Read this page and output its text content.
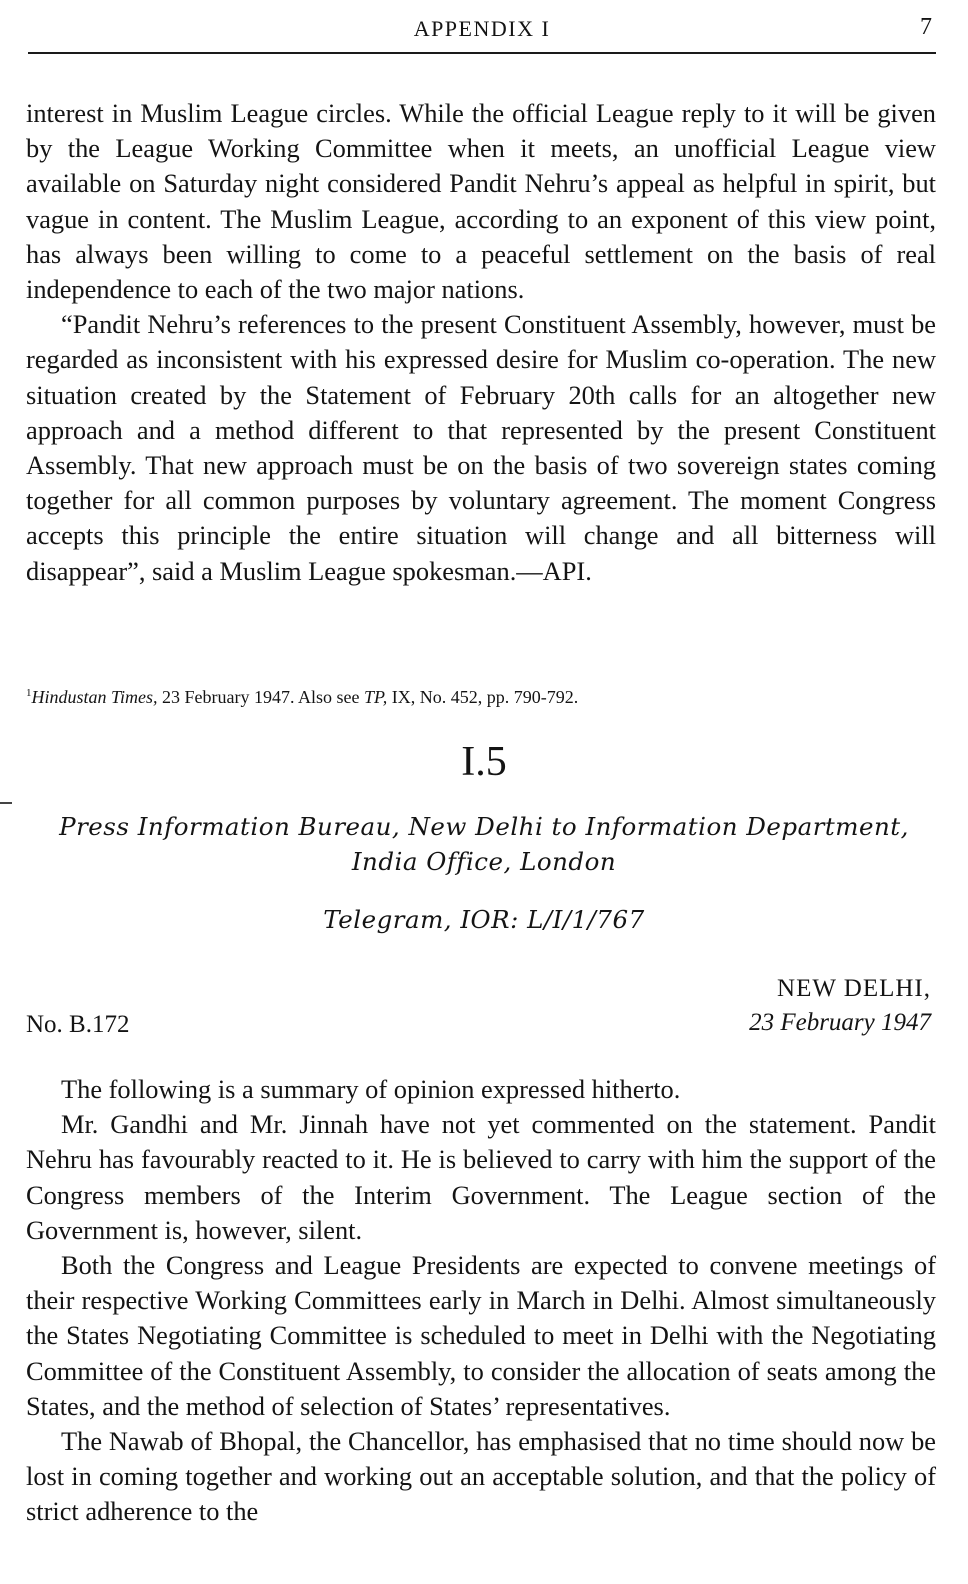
APPENDIX I	7

interest in Muslim League circles. While the official League reply to it will be given by the League Working Committee when it meets, an unofficial League view available on Saturday night considered Pandit Nehru’s appeal as helpful in spirit, but vague in content. The Muslim League, according to an exponent of this view point, has always been willing to come to a peaceful settlement on the basis of real independence to each of the two major nations.

“Pandit Nehru’s references to the present Constituent Assembly, however, must be regarded as inconsistent with his expressed desire for Muslim co-operation. The new situation created by the Statement of February 20th calls for an altogether new approach and a method different to that represented by the present Constituent Assembly. That new approach must be on the basis of two sovereign states coming together for all common purposes by voluntary agreement. The moment Congress accepts this principle the entire situation will change and all bitterness will disappear”, said a Muslim League spokesman.—API.

$^1$Hindustan Times, 23 February 1947. Also see TP, IX, No. 452, pp. 790-792.
I.5
Press Information Bureau, New Delhi to Information Department,
India Office, London
Telegram, IOR: L/I/1/767
NEW DELHI,
23 February 1947
No. B.172

The following is a summary of opinion expressed hitherto.

Mr. Gandhi and Mr. Jinnah have not yet commented on the statement. Pandit Nehru has favourably reacted to it. He is believed to carry with him the support of the Congress members of the Interim Government. The League section of the Government is, however, silent.

Both the Congress and League Presidents are expected to convene meetings of their respective Working Committees early in March in Delhi. Almost simultaneously the States Negotiating Committee is scheduled to meet in Delhi with the Negotiating Committee of the Constituent Assembly, to consider the allocation of seats among the States, and the method of selection of States’ representatives.

The Nawab of Bhopal, the Chancellor, has emphasised that no time should now be lost in coming together and working out an acceptable solution, and that the policy of strict adherence to the
